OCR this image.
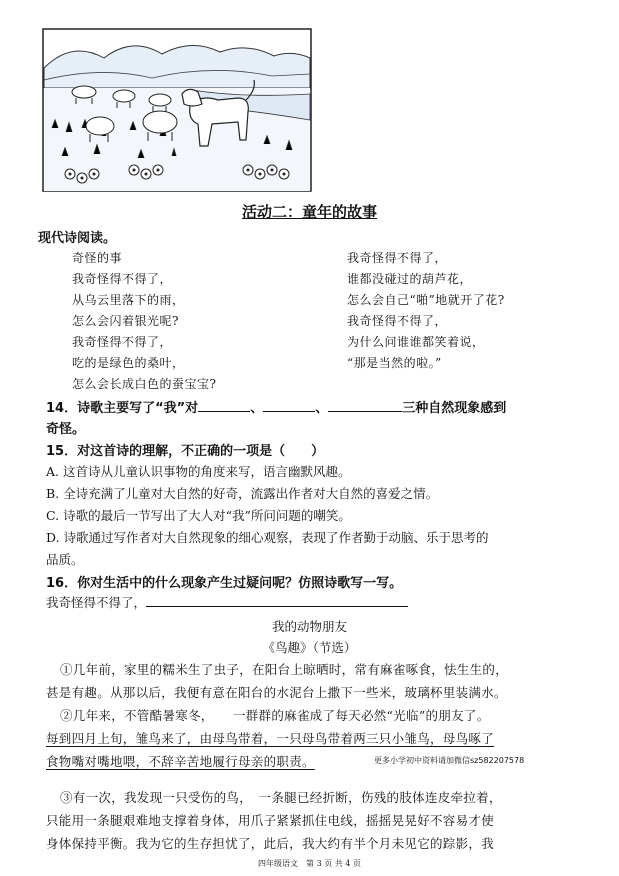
活动二：童年的故事
现代诗阅读。
奇怪的事
我奇怪得不得了，
从乌云里落下的雨，
怎么会闪着银光呢?
我奇怪得不得了，
吃的是绿色的桑叶，
怎么会长成白色的蚕宝宝?
我奇怪得不得了，
谁都没碰过的葫芦花，
怎么会自己“啪”地就开了花?
我奇怪得不得了，
为什么问谁谁都笑着说，
“那是当然的啦。”
14．诗歌主要写了“我”对	、	、	三种自然现象感到
奇怪。
15．对这首诗的理解，不正确的一项是（　　）
A. 这首诗从儿童认识事物的角度来写，语言幽默风趣。
B. 全诗充满了儿童对大自然的好奇，流露出作者对大自然的喜爱之情。
C. 诗歌的最后一节写出了大人对“我”所问问题的嘲笑。
D. 诗歌通过写作者对大自然现象的细心观察，表现了作者勤于动脑、乐于思考的
品质。
16．你对生活中的什么现象产生过疑问呢？仿照诗歌写一写。
我奇怪得不得了，
我的动物朋友
《鸟趣》（节选）
①几年前，家里的糯米生了虫子，在阳台上晾晒时，常有麻雀啄食，怯生生的，
甚是有趣。从那以后，我便有意在阳台的水泥台上撒下一些米，玻璃杯里装满水。
②几年来，不管酷暑寒冬，　　一群群的麻雀成了每天必然“光临”的朋友了。
每到四月上旬，雏鸟来了，由母鸟带着，一只母鸟带着两三只小雏鸟，母鸟啄了
食物嘴对嘴地喂，不辞辛苦地履行母亲的职责。	更多小学初中资料请加微信sz582207578
③有一次，我发现一只受伤的鸟，　一条腿已经折断，伤残的肢体连皮牵拉着，
只能用一条腿艰难地支撑着身体，用爪子紧紧抓住电线，摇摇晃晃好不容易才使
身体保持平衡。我为它的生存担忧了，此后，我大约有半个月未见它的踪影，我
四年级语文　第 3 页 共 4 页
